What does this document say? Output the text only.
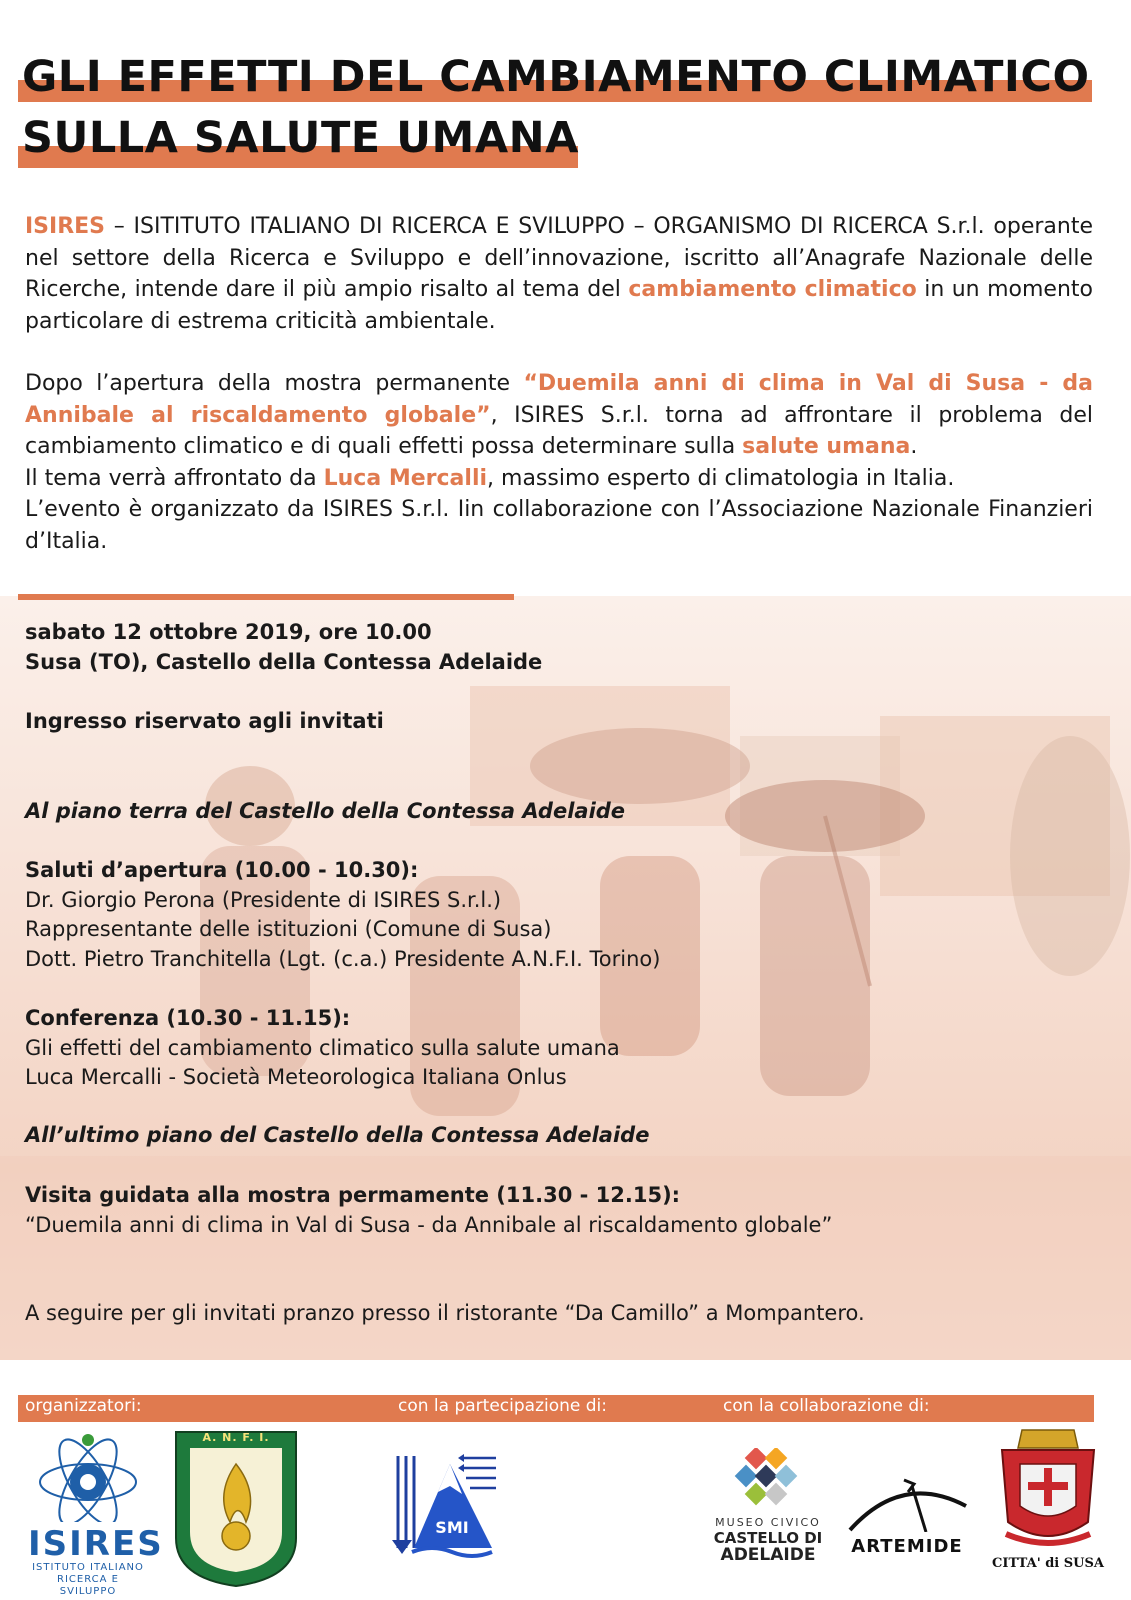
GLI EFFETTI DEL CAMBIAMENTO CLIMATICO
SULLA SALUTE UMANA

ISIRES – ISITITUTO ITALIANO DI RICERCA E SVILUPPO – ORGANISMO DI RICERCA S.r.l. operante nel settore della Ricerca e Sviluppo e dell’innovazione, iscritto all’Anagrafe Nazionale delle Ricerche, intende dare il più ampio risalto al tema del cambiamento climatico in un momento particolare di estrema criticità ambientale.

Dopo l’apertura della mostra permanente “Duemila anni di clima in Val di Susa - da Annibale al riscaldamento globale”, ISIRES S.r.l. torna ad affrontare il problema del cambiamento climatico e di quali effetti possa determinare sulla salute umana.

Il tema verrà affrontato da Luca Mercalli, massimo esperto di climatologia in Italia.

L’evento è organizzato da ISIRES S.r.l. Iin collaborazione con l’Associazione Nazionale Finanzieri d’Italia.

sabato 12 ottobre 2019, ore 10.00
Susa (TO), Castello della Contessa Adelaide
Ingresso riservato agli invitati
Al piano terra del Castello della Contessa Adelaide
Saluti d’apertura (10.00 - 10.30):
Dr. Giorgio Perona (Presidente di ISIRES S.r.l.)
Rappresentante delle istituzioni (Comune di Susa)
Dott. Pietro Tranchitella (Lgt. (c.a.) Presidente A.N.F.I. Torino)
Conferenza (10.30 - 11.15):
Gli effetti del cambiamento climatico sulla salute umana
Luca Mercalli - Società Meteorologica Italiana Onlus
All’ultimo piano del Castello della Contessa Adelaide
Visita guidata alla mostra permamente (11.30 - 12.15):
“Duemila anni di clima in Val di Susa - da Annibale al riscaldamento globale”
A seguire per gli invitati pranzo presso il ristorante “Da Camillo” a Mompantero.
organizzatori:	con la partecipazione di:	con la collaborazione di:
ISIRES
ISTITUTO ITALIANO
RICERCA E SVILUPPO
A. N. F. I.
SMI	MUSEO CIVICO
CASTELLO DI
ADELAIDE	ARTEMIDE
CITTA' di SUSA
